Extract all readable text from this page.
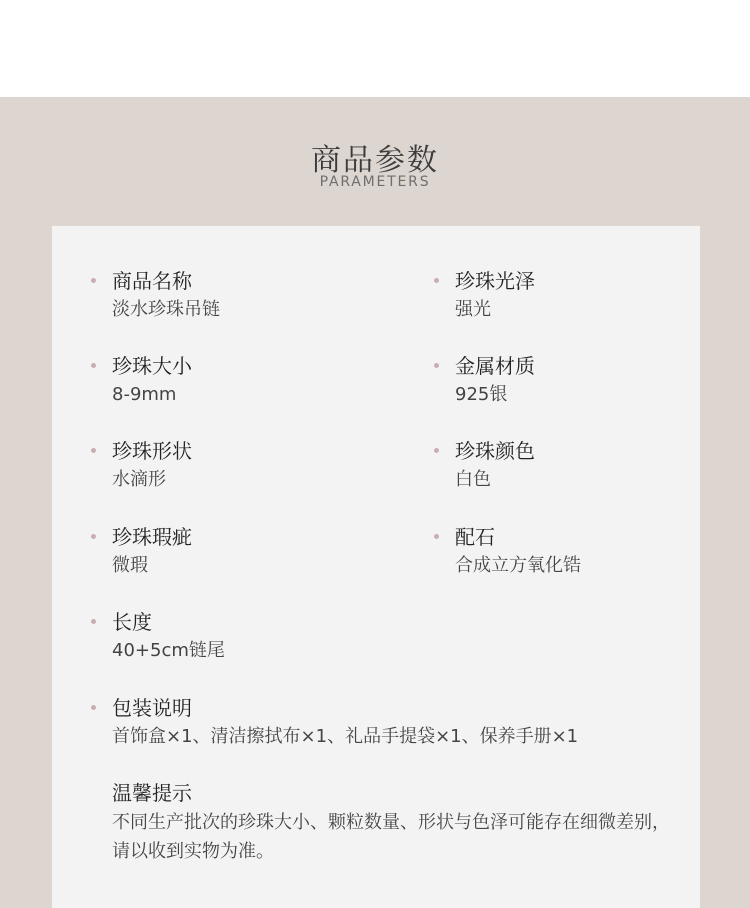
商品参数
PARAMETERS
商品名称
淡水珍珠吊链
珍珠光泽
强光
珍珠大小
8-9mm
金属材质
925银
珍珠形状
水滴形
珍珠颜色
白色
珍珠瑕疵
微瑕
配石
合成立方氧化锆
长度
40+5cm链尾
包装说明
首饰盒×1、清洁擦拭布×1、礼品手提袋×1、保养手册×1
温馨提示
不同生产批次的珍珠大小、颗粒数量、形状与色泽可能存在细微差别，请以收到实物为准。
